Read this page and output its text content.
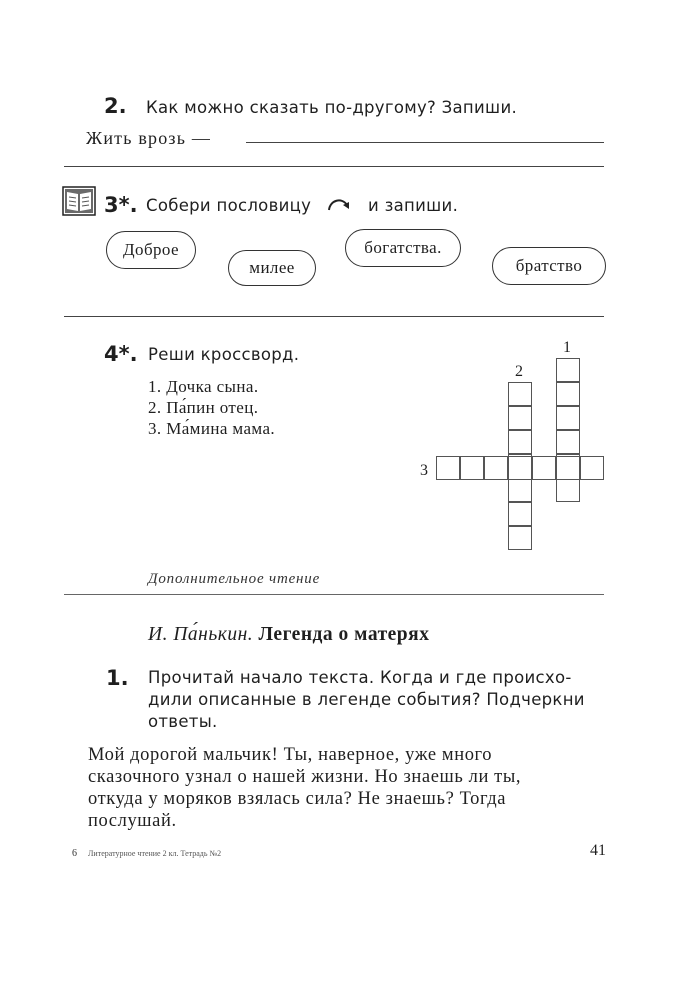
2. Как можно сказать по-другому? Запиши.
Жить врозь —
3*. Собери пословицу	и запиши.
Доброе
милее
богатства.
братство
4*. Реши кроссворд.
1. Дочка сына.
2. Па́пин отец.
3. Ма́мина мама.
1
2
3
Дополнительное чтение
И. Па́нькин. Легенда о матерях
1. Прочитай начало текста. Когда и где происхо-
дили описанные в легенде события? Подчеркни
ответы.
Мой дорогой мальчик! Ты, наверное, уже много
сказочного узнал о нашей жизни. Но знаешь ли ты,
откуда у моряков взялась сила? Не знаешь? Тогда
послушай.
6 Литературное чтение 2 кл. Тетрадь №2	41
